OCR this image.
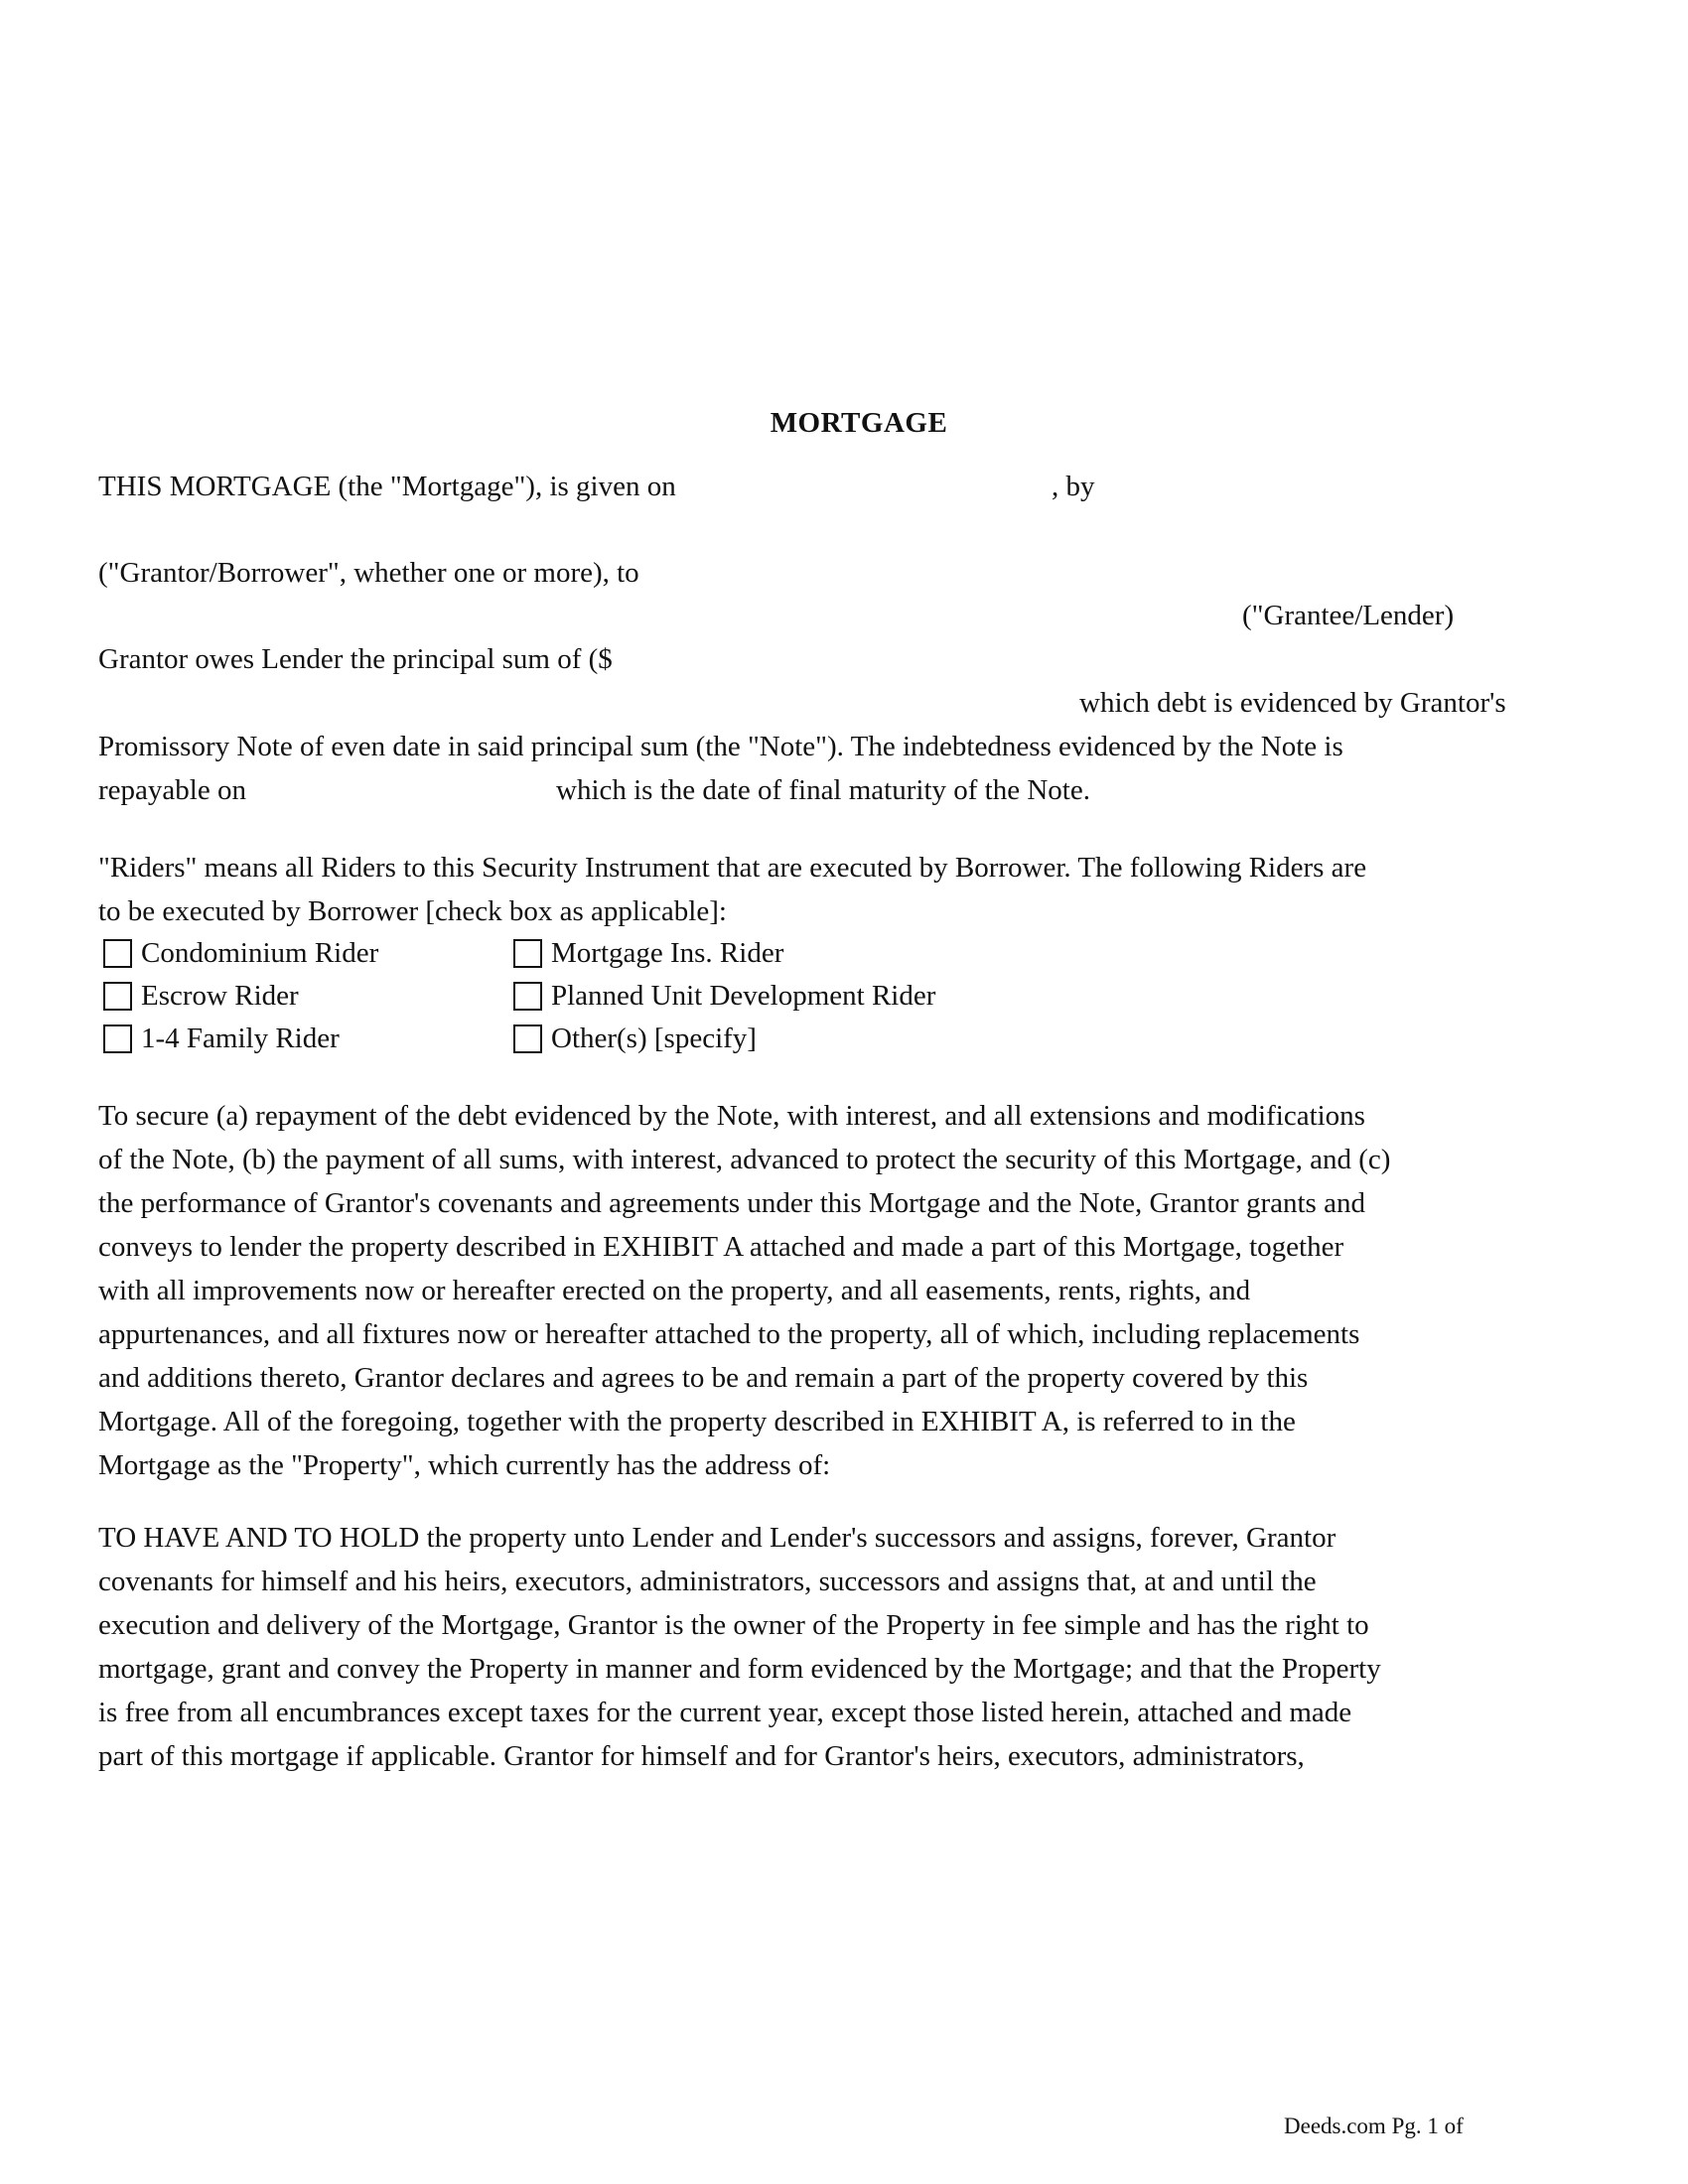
MORTGAGE
THIS MORTGAGE (the "Mortgage"), is given on	, by
("Grantor/Borrower", whether one or more), to
("Grantee/Lender)
Grantor owes Lender the principal sum of ($
which debt is evidenced by Grantor's
Promissory Note of even date in said principal sum (the "Note"). The indebtedness evidenced by the Note is
repayable on	which is the date of final maturity of the Note.
"Riders" means all Riders to this Security Instrument that are executed by Borrower. The following Riders are
to be executed by Borrower [check box as applicable]:
Condominium Rider	Mortgage Ins. Rider
Escrow Rider	Planned Unit Development Rider
1-4 Family Rider	Other(s) [specify]

To secure (a) repayment of the debt evidenced by the Note, with interest, and all extensions and modifications

of the Note, (b) the payment of all sums, with interest, advanced to protect the security of this Mortgage, and (c)

the performance of Grantor's covenants and agreements under this Mortgage and the Note, Grantor grants and

conveys to lender the property described in EXHIBIT A attached and made a part of this Mortgage, together

with all improvements now or hereafter erected on the property, and all easements, rents, rights, and

appurtenances, and all fixtures now or hereafter attached to the property, all of which, including replacements

and additions thereto, Grantor declares and agrees to be and remain a part of the property covered by this

Mortgage. All of the foregoing, together with the property described in EXHIBIT A, is referred to in the

Mortgage as the "Property", which currently has the address of:

TO HAVE AND TO HOLD the property unto Lender and Lender's successors and assigns, forever, Grantor

covenants for himself and his heirs, executors, administrators, successors and assigns that, at and until the

execution and delivery of the Mortgage, Grantor is the owner of the Property in fee simple and has the right to

mortgage, grant and convey the Property in manner and form evidenced by the Mortgage; and that the Property

is free from all encumbrances except taxes for the current year, except those listed herein, attached and made

part of this mortgage if applicable. Grantor for himself and for Grantor's heirs, executors, administrators,

Deeds.com Pg. 1 of
